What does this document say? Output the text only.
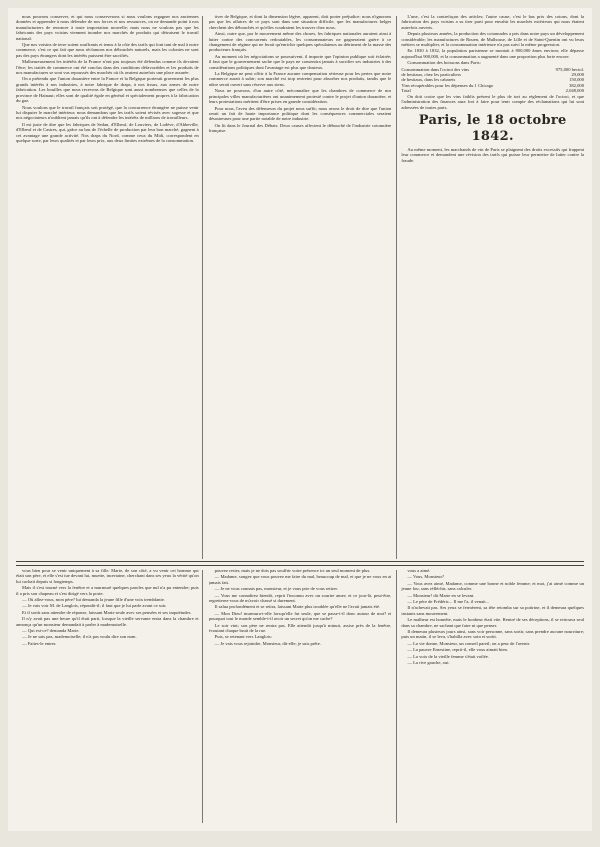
nous pouvons conserver, et qui nous conserverons si nous voulons regagner nos anciennes données et apprendre à nous défendre de nos forces et nos ressources, on ne demande point à nos manufacturiers de renoncer à toute importation nouvelle; mais nous ne voulons pas que les fabricants des pays voisins viennent inonder nos marchés de produits qui détruisent le travail national.

Que nos voisins de terre soient souffrants et tenus à la côte des tarifs qui font tant de mal à notre commerce, c'est ce qui fait que nous réclamons nos débouchés naturels, mais les colonies ne sont pas des pays étrangers dont les intérêts puissent être sacrifiés.

Malheureusement les intérêts de la France n'ont pas toujours été défendus comme ils devaient l'être; les traités de commerce ont été conclus dans des conditions défavorables et les produits de nos manufactures se sont vus repoussés des marchés où ils avaient autrefois une place assurée.

On a prétendu que l'union douanière entre la France et la Belgique porterait gravement les plus grands intérêts à nos industries, à notre fabrique de draps, à nos tissus, aux armes de notre fabrication. Les bouilles que nous recevons de Belgique sont aussi nombreuses que celles de la province de Hainaut; elles sont de qualité égale en général et spécialement propres à la fabrication du gaz.

Nous voulons que le travail français soit protégé, que la concurrence étrangère ne puisse venir lui disputer le marché intérieur; nous demandons que les tarifs soient révisés avec sagesse et que nos négociateurs n'oublient jamais qu'ils ont à défendre les intérêts de millions de travailleurs.

Il est juste de dire que les fabriques de Sedan, d'Elbeuf, de Louviers, de Lodève, d'Abbeville, d'Elbeuf et de Castres, qui, grâce au bas de l'échelle de production par leur bon marché, gagnent à cet avantage une grande activité. Nos draps du Nord, comme ceux du Midi, correspondent en quelque sorte, par leurs qualités et par leurs prix, aux deux limites extrêmes de la consommation.

tiver de Belgique, et dont la dimension légère, apparent, doit porter préjudice; nous n'ignorons pas que les affaires de ce pays sont dans une situation difficile, que les manufactures belges cherchent des débouchés et qu'elles voudraient les trouver chez nous.

Ainsi, outre que, par le mouvement même des choses, les fabriques nationales auraient ainsi à lutter contre des concurrents redoutables, les consommateurs ne gagneraient guère à ce changement de régime qui ne ferait qu'enrichir quelques spéculateurs au détriment de la masse des producteurs français.

Au moment où les négociations se poursuivent, il importe que l'opinion publique soit éclairée; il faut que le gouvernement sache que le pays ne consentira jamais à sacrifier ses industries à des considérations politiques dont l'avantage est plus que douteux.

La Belgique ne peut offrir à la France aucune compensation sérieuse pour les pertes que notre commerce aurait à subir; son marché est trop restreint pour absorber nos produits, tandis que le nôtre serait ouvert sans réserve aux siens.

Nous ne pouvons, d'un autre côté, méconnaître que les chambres de commerce de nos principales villes manufacturières ont unanimement protesté contre le projet d'union douanière, et leurs protestations méritent d'être prises en grande considération.

Pour nous, l'aveu des défenseurs du projet nous suffit; nous avons le droit de dire que l'union serait un fait de haute importance politique dont les conséquences commerciales seraient désastreuses pour une partie notable de notre industrie.

On lit dans le Journal des Débats: Deux causes affectent le débouché de l'industrie cotonnière française.

L'une, c'est la contrefaçon des articles; l'autre cause, c'est le bas prix des cotons, dont la fabrication des pays voisins a su tirer parti pour envahir les marchés extérieurs qui nous étaient autrefois ouverts.

Depuis plusieurs années, la production des cotonnades a pris dans notre pays un développement considérable; les manufactures de Rouen, de Mulhouse, de Lille et de Saint-Quentin ont vu leurs métiers se multiplier, et la consommation intérieure n'a pas suivi la même progression.

En 1830 à 1832, la population parisienne se montait à 800,000 âmes environ; elle dépasse aujourd'hui 900,000, et la consommation a augmenté dans une proportion plus forte encore.

Consommation des boissons dans Paris:

Consommation dans l'octroi des vins	975,000 hectol.
de bestiaux, chez les particuliers	29,000
de bestiaux, dans les cabarets	150,000
Vins récupérables pour les dépenses du 1 Chicago	382,000
Total	2,048,000

On doit croire que les vins faiblis présent le plus de tort au règlement de l'octroi, et que l'administration des finances aura fort à faire pour tenir compte des réclamations qui lui sont adressées de toutes parts.

Paris, le 18 octobre 1842.

Au même moment, les marchands de vin de Paris se plaignent des droits excessifs qui frappent leur commerce et demandent une révision des tarifs qui puisse leur permettre de lutter contre la fraude.

vous bien pour se venir uniquement à sa fille. Marie, de son côté, a vu venir cet homme qui était son père, et elle s'est tue devant lui, muette, incertaine, cherchant dans ses yeux la vérité qu'on lui cachait depuis si longtemps.

Mais il s'est tourné vers la fenêtre et a murmuré quelques paroles que nul n'a pu entendre; puis il a pris son chapeau et s'est dirigé vers la porte.

— Où allez-vous, mon père? lui demanda la jeune fille d'une voix tremblante.

— Je vais voir M. de Langlois, répondit-il; il faut que je lui parle avant ce soir.

Et il sortit sans attendre de réponse, laissant Marie seule avec ses pensées et ses inquiétudes.

Il n'y avait pas une heure qu'il était parti, lorsque la vieille servante entra dans la chambre et annonça qu'un monsieur demandait à parler à mademoiselle.

— Qui est-ce? demanda Marie.

— Je ne sais pas, mademoiselle; il n'a pas voulu dire son nom.

— Faites-le entrer.

pouvez rester, mais je ne dois pas souffrir votre présence ici un seul moment de plus.

— Madame, songez que vous pouvez me faire du mal, beaucoup de mal, et que je ne vous en ai jamais fait.

— Je ne vous connais pas, monsieur, et je vous prie de vous retirer.

— Vous me connaîtrez bientôt, reprit l'inconnu avec un sourire amer; et ce jour-là, peut-être, regretterez-vous de m'avoir chassé si durement.

Il salua profondément et se retira, laissant Marie plus troublée qu'elle ne l'avait jamais été.

— Mon Dieu! murmura-t-elle lorsqu'elle fut seule, que se passe-t-il donc autour de moi? et pourquoi tout le monde semble-t-il avoir un secret qu'on me cache?

Le soir vint; son père ne rentra pas. Elle attendit jusqu'à minuit, assise près de la fenêtre, écoutant chaque bruit de la rue.

Puis, se retenant vers Langlois:

— Je vais vous rejoindre, Monsieur, dit-elle; je suis prête.

vous a aimé.

— Vous, Monsieur?

— Vous avez aimé, Madame, comme une bonne et noble femme; et moi, j'ai aimé comme un jeune fou, sans réfléchir, sans calculer.

— Monsieur! dit Marie en se levant.

— Le père de Frédéric... Il me l'a, il venait...

Il n'achevait pas. Ses yeux se fermèrent, sa tête retomba sur sa poitrine, et il demeura quelques instants sans mouvement.

Le malheur est honnête, mais le bonheur était vite. Rentré de ses déceptions, il se retrouva seul dans sa chambre, ne sachant que faire ni que penser.

Il demeura plusieurs jours ainsi, sans voir personne, sans sortir, sans prendre aucune nourriture; puis un matin, il se leva, s'habilla avec soin et sortit.

— La vie donne, Monsieur, un conseil pareil; on a peur de l'avenir.

— La pauvre Ernestine, reprit-il, elle vous aimait bien.

— La voix de la vieille femme s'était voilée.

— La rive gauche, oui.
